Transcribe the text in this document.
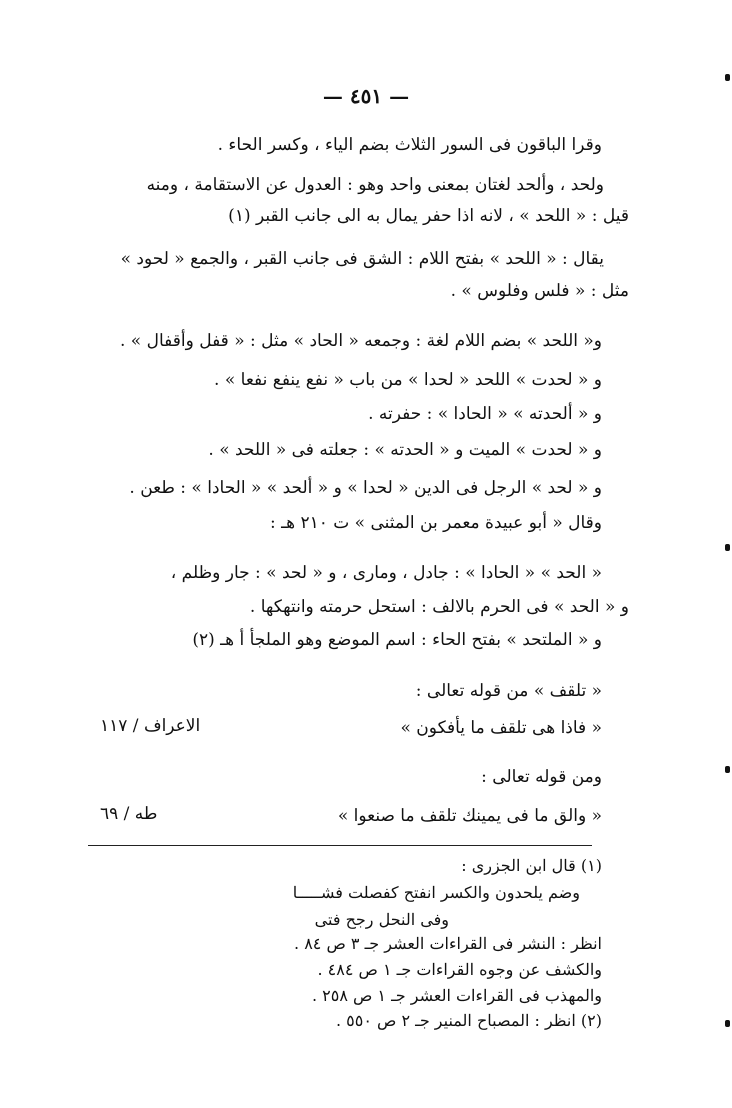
— ٤٥١ —
وقرا الباقون فى السور الثلاث بضم الياء ، وكسر الحاء .
ولحد ، وألحد لغتان بمعنى واحد وهو : العدول عن الاستقامة ، ومنه
قيل : « اللحد » ، لانه اذا حفر يمال به الى جانب القبر (١)
يقال : « اللحد » بفتح اللام : الشق فى جانب القبر ، والجمع « لحود »
مثل : « فلس وفلوس » .
و« اللحد » بضم اللام لغة : وجمعه « الحاد » مثل : « قفل وأقفال » .
و « لحدت » اللحد « لحدا » من باب « نفع ينفع نفعا » .
و « ألحدته » « الحادا » : حفرته .
و « لحدت » الميت و « الحدته » : جعلته فى « اللحد » .
و « لحد » الرجل فى الدين « لحدا » و « ألحد » « الحادا » : طعن .
وقال « أبو عبيدة معمر بن المثنى » ت ٢١٠ هـ :
« الحد » « الحادا » : جادل ، ومارى ، و « لحد » : جار وظلم ،
و « الحد » فى الحرم بالالف : استحل حرمته وانتهكها .
و « الملتحد » بفتح الحاء : اسم الموضع وهو الملجأ أ هـ (٢)
« تلقف » من قوله تعالى :
« فاذا هى تلقف ما يأفكون »
الاعراف / ١١٧
ومن قوله تعالى :
« والق ما فى يمينك تلقف ما صنعوا »
طه / ٦٩
(١) قال ابن الجزرى :
وضم يلحدون والكسر انفتح كفصلت فشـــــا
وفى النحل رجح فتى
انظر : النشر فى القراءات العشر جـ ٣ ص ٨٤ .
والكشف عن وجوه القراءات جـ ١ ص ٤٨٤ .
والمهذب فى القراءات العشر جـ ١ ص ٢٥٨ .
(٢) انظر : المصباح المنير جـ ٢ ص ٥٥٠ .
